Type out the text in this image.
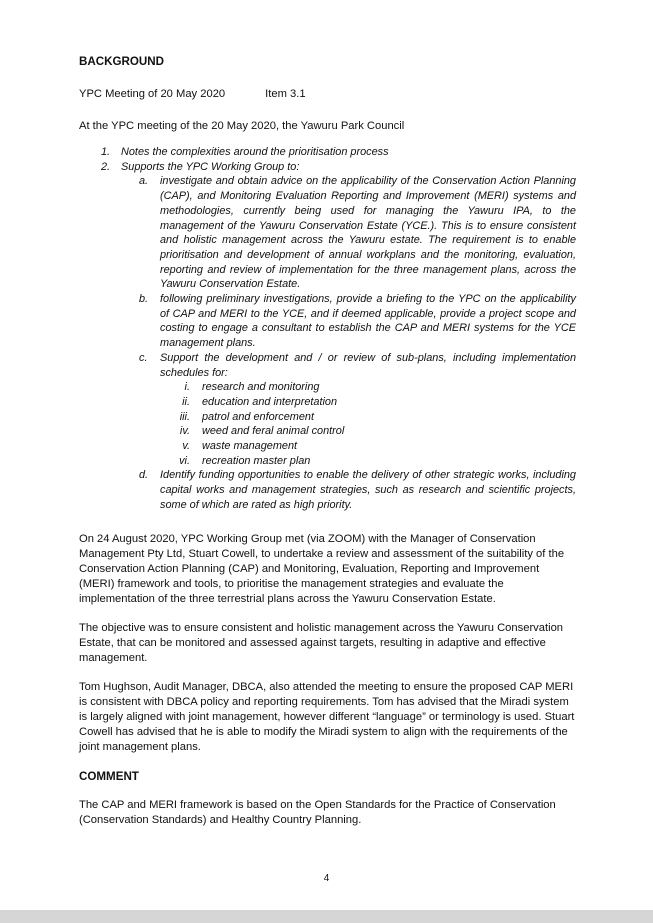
BACKGROUND
YPC Meeting of 20 May 2020	Item 3.1
At the YPC meeting of the 20 May 2020, the Yawuru Park Council
1.	Notes the complexities around the prioritisation process
2.	Supports the YPC Working Group to:
a. investigate and obtain advice on the applicability of the Conservation Action Planning (CAP), and Monitoring Evaluation Reporting and Improvement (MERI) systems and methodologies, currently being used for managing the Yawuru IPA, to the management of the Yawuru Conservation Estate (YCE.). This is to ensure consistent and holistic management across the Yawuru estate. The requirement is to enable prioritisation and development of annual workplans and the monitoring, evaluation, reporting and review of implementation for the three management plans, across the Yawuru Conservation Estate.
b. following preliminary investigations, provide a briefing to the YPC on the applicability of CAP and MERI to the YCE, and if deemed applicable, provide a project scope and costing to engage a consultant to establish the CAP and MERI systems for the YCE management plans.
c. Support the development and / or review of sub-plans, including implementation schedules for:
i. research and monitoring
ii. education and interpretation
iii. patrol and enforcement
iv. weed and feral animal control
v. waste management
vi. recreation master plan
d. Identify funding opportunities to enable the delivery of other strategic works, including capital works and management strategies, such as research and scientific projects, some of which are rated as high priority.
On 24 August 2020, YPC Working Group met (via ZOOM) with the Manager of Conservation Management Pty Ltd, Stuart Cowell, to undertake a review and assessment of the suitability of the Conservation Action Planning (CAP) and Monitoring, Evaluation, Reporting and Improvement (MERI) framework and tools, to prioritise the management strategies and evaluate the implementation of the three terrestrial plans across the Yawuru Conservation Estate.
The objective was to ensure consistent and holistic management across the Yawuru Conservation Estate, that can be monitored and assessed against targets, resulting in adaptive and effective management.
Tom Hughson, Audit Manager, DBCA, also attended the meeting to ensure the proposed CAP MERI is consistent with DBCA policy and reporting requirements. Tom has advised that the Miradi system is largely aligned with joint management, however different “language” or terminology is used. Stuart Cowell has advised that he is able to modify the Miradi system to align with the requirements of the joint management plans.
COMMENT
The CAP and MERI framework is based on the Open Standards for the Practice of Conservation (Conservation Standards) and Healthy Country Planning.
4
